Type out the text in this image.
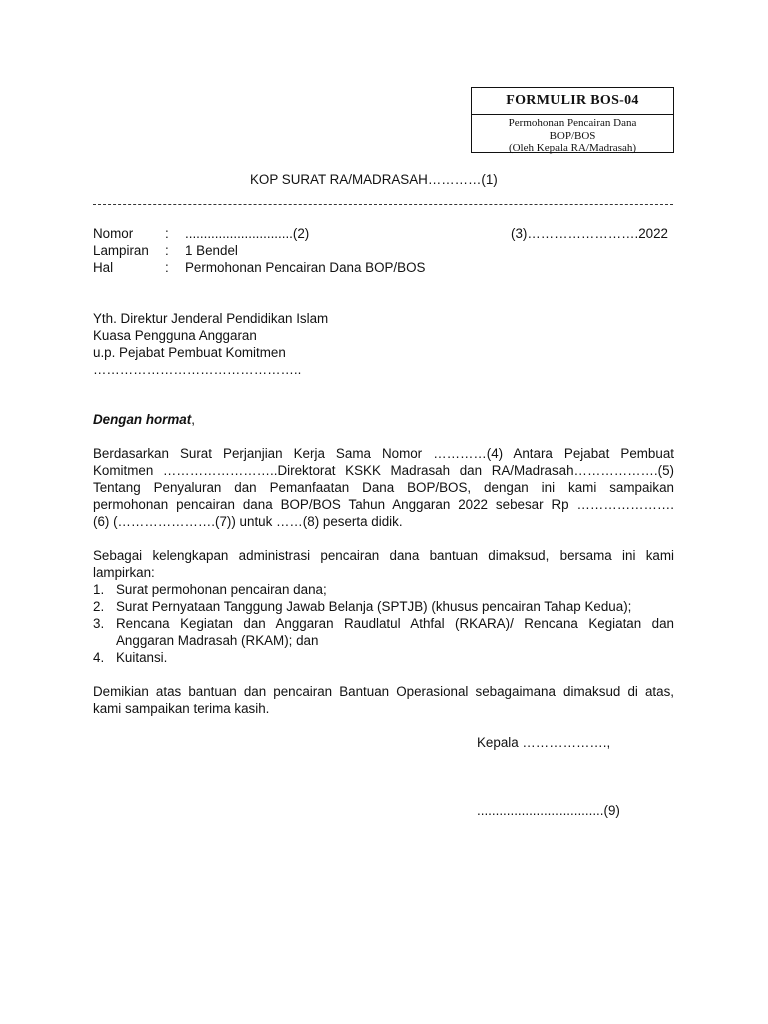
FORMULIR BOS-04
Permohonan Pencairan Dana
BOP/BOS
(Oleh Kepala RA/Madrasah)
KOP SURAT RA/MADRASAH…………(1)
Nomor : .............................(2)	(3)…………………….2022
Lampiran : 1 Bendel
Hal	: Permohonan Pencairan Dana BOP/BOS
Yth. Direktur Jenderal Pendidikan Islam
Kuasa Pengguna Anggaran
u.p. Pejabat Pembuat Komitmen
………………………………………..
Dengan hormat,
Berdasarkan Surat Perjanjian Kerja Sama Nomor …………(4) Antara Pejabat Pembuat
Komitmen ……………………..Direktorat KSKK Madrasah dan RA/Madrasah……………….(5)
Tentang Penyaluran dan Pemanfaatan Dana BOP/BOS, dengan ini kami sampaikan
permohonan pencairan dana BOP/BOS Tahun Anggaran 2022 sebesar Rp ………………….
(6) (………………….(7)) untuk ……(8) peserta didik.
Sebagai kelengkapan administrasi pencairan dana bantuan dimaksud, bersama ini kami
lampirkan:
1. Surat permohonan pencairan dana;
2. Surat Pernyataan Tanggung Jawab Belanja (SPTJB) (khusus pencairan Tahap Kedua);
3. Rencana Kegiatan dan Anggaran Raudlatul Athfal (RKARA)/ Rencana Kegiatan dan
Anggaran Madrasah (RKAM); dan
4. Kuitansi.
Demikian atas bantuan dan pencairan Bantuan Operasional sebagaimana dimaksud di atas,
kami sampaikan terima kasih.
Kepala ……………….,
..................................(9)
